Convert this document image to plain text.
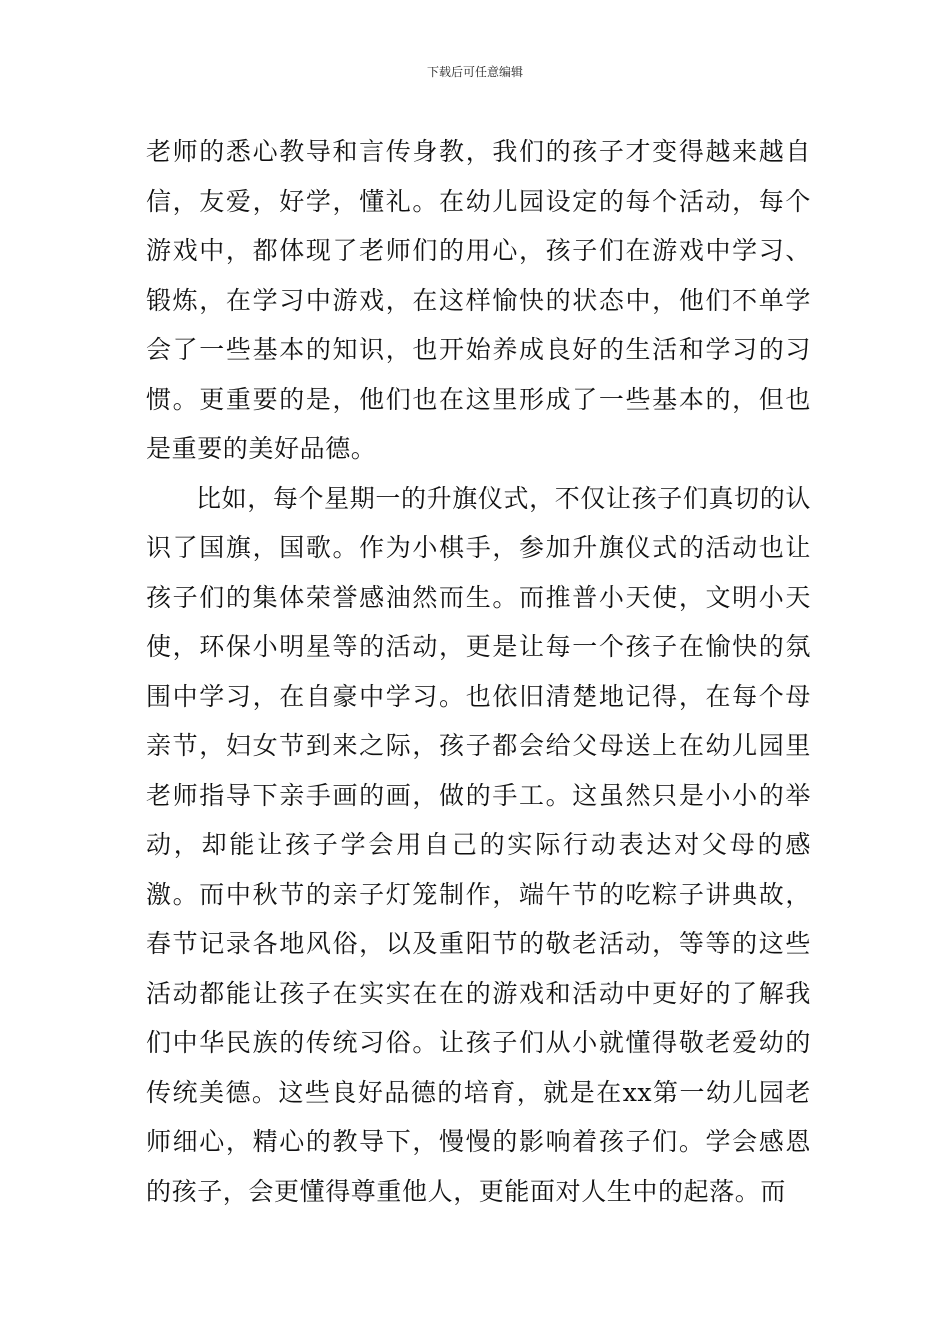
下载后可任意编辑

老师的悉心教导和言传身教，我们的孩子才变得越来越自信，友爱，好学，懂礼。在幼儿园设定的每个活动，每个游戏中，都体现了老师们的用心，孩子们在游戏中学习、锻炼，在学习中游戏，在这样愉快的状态中，他们不单学会了一些基本的知识，也开始养成良好的生活和学习的习惯。更重要的是，他们也在这里形成了一些基本的，但也是重要的美好品德。

比如，每个星期一的升旗仪式，不仅让孩子们真切的认识了国旗，国歌。作为小棋手，参加升旗仪式的活动也让孩子们的集体荣誉感油然而生。而推普小天使，文明小天使，环保小明星等的活动，更是让每一个孩子在愉快的氛围中学习，在自豪中学习。也依旧清楚地记得，在每个母亲节，妇女节到来之际，孩子都会给父母送上在幼儿园里老师指导下亲手画的画，做的手工。这虽然只是小小的举动，却能让孩子学会用自己的实际行动表达对父母的感激。而中秋节的亲子灯笼制作，端午节的吃粽子讲典故，春节记录各地风俗，以及重阳节的敬老活动，等等的这些活动都能让孩子在实实在在的游戏和活动中更好的了解我们中华民族的传统习俗。让孩子们从小就懂得敬老爱幼的传统美德。这些良好品德的培育，就是在xx第一幼儿园老师细心，精心的教导下，慢慢的影响着孩子们。学会感恩的孩子，会更懂得尊重他人，更能面对人生中的起落。而
